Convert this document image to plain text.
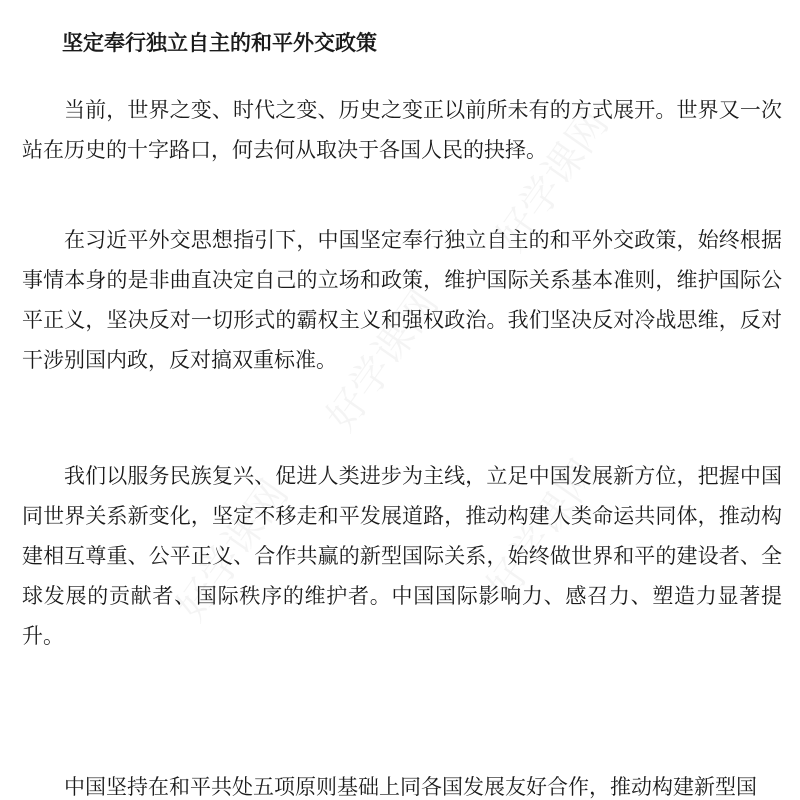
坚定奉行独立自主的和平外交政策

当前，世界之变、时代之变、历史之变正以前所未有的方式展开。世界又一次站在历史的十字路口，何去何从取决于各国人民的抉择。

在习近平外交思想指引下，中国坚定奉行独立自主的和平外交政策，始终根据事情本身的是非曲直决定自己的立场和政策，维护国际关系基本准则，维护国际公平正义，坚决反对一切形式的霸权主义和强权政治。我们坚决反对冷战思维，反对干涉别国内政，反对搞双重标准。

我们以服务民族复兴、促进人类进步为主线，立足中国发展新方位，把握中国同世界关系新变化，坚定不移走和平发展道路，推动构建人类命运共同体，推动构建相互尊重、公平正义、合作共赢的新型国际关系，始终做世界和平的建设者、全球发展的贡献者、国际秩序的维护者。中国国际影响力、感召力、塑造力显著提升。

中国坚持在和平共处五项原则基础上同各国发展友好合作，推动构建新型国
